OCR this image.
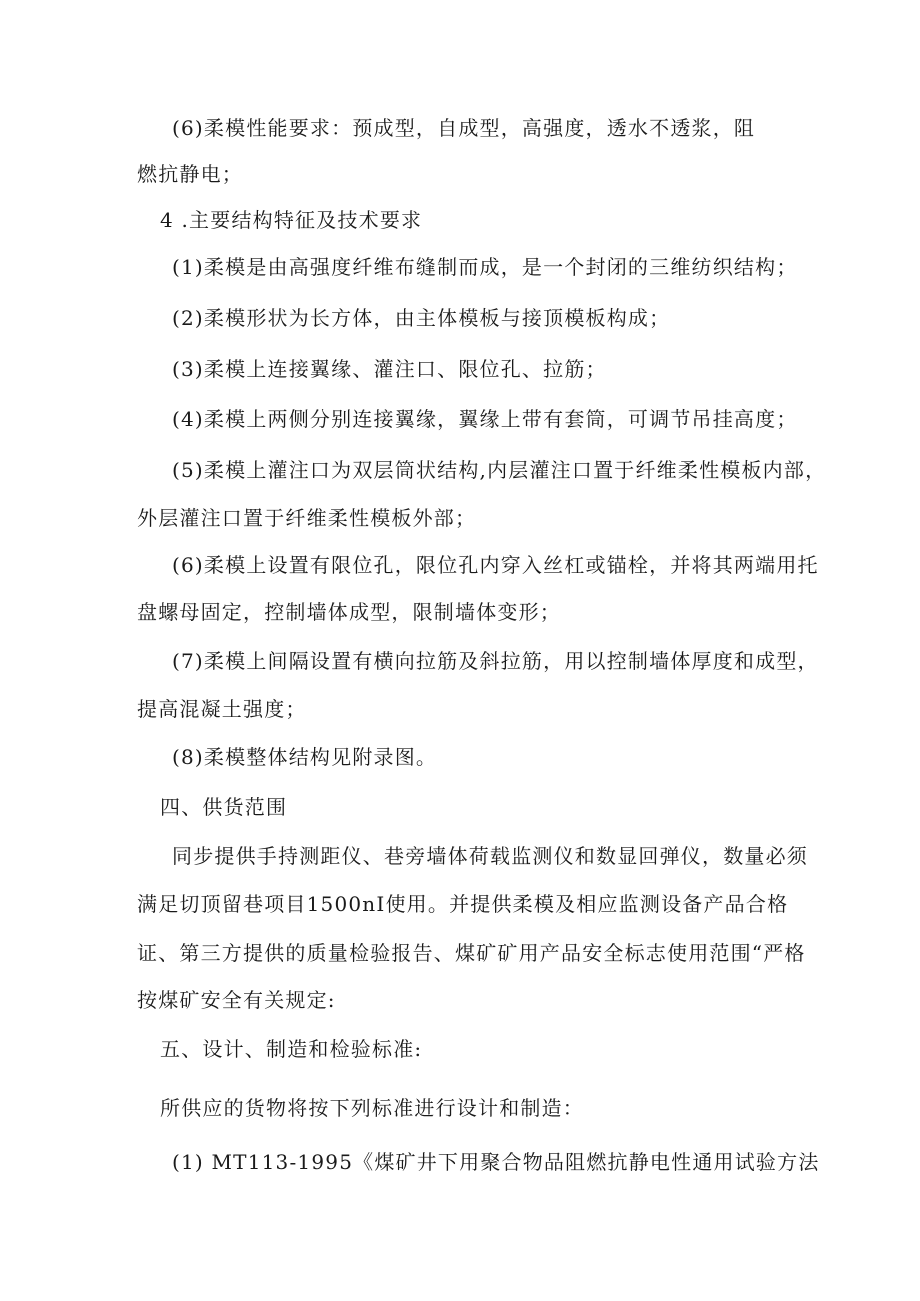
(6)柔模性能要求：预成型，自成型，高强度，透水不透浆，阻
燃抗静电；
4 .主要结构特征及技术要求
(1)柔模是由高强度纤维布缝制而成，是一个封闭的三维纺织结构；
(2)柔模形状为长方体，由主体模板与接顶模板构成；
(3)柔模上连接翼缘、灌注口、限位孔、拉筋；
(4)柔模上两侧分别连接翼缘，翼缘上带有套筒，可调节吊挂高度；
(5)柔模上灌注口为双层筒状结构,内层灌注口置于纤维柔性模板内部，
外层灌注口置于纤维柔性模板外部；
(6)柔模上设置有限位孔，限位孔内穿入丝杠或锚栓，并将其两端用托
盘螺母固定，控制墙体成型，限制墙体变形；
(7)柔模上间隔设置有横向拉筋及斜拉筋，用以控制墙体厚度和成型，
提高混凝土强度；
(8)柔模整体结构见附录图。
四、供货范围
同步提供手持测距仪、巷旁墙体荷载监测仪和数显回弹仪，数量必须
满足切顶留巷项目1500nI使用。并提供柔模及相应监测设备产品合格
证、第三方提供的质量检验报告、煤矿矿用产品安全标志使用范围“严格
按煤矿安全有关规定:
五、设计、制造和检验标准:
所供应的货物将按下列标准进行设计和制造：
(1) MT113-1995《煤矿井下用聚合物品阻燃抗静电性通用试验方法
